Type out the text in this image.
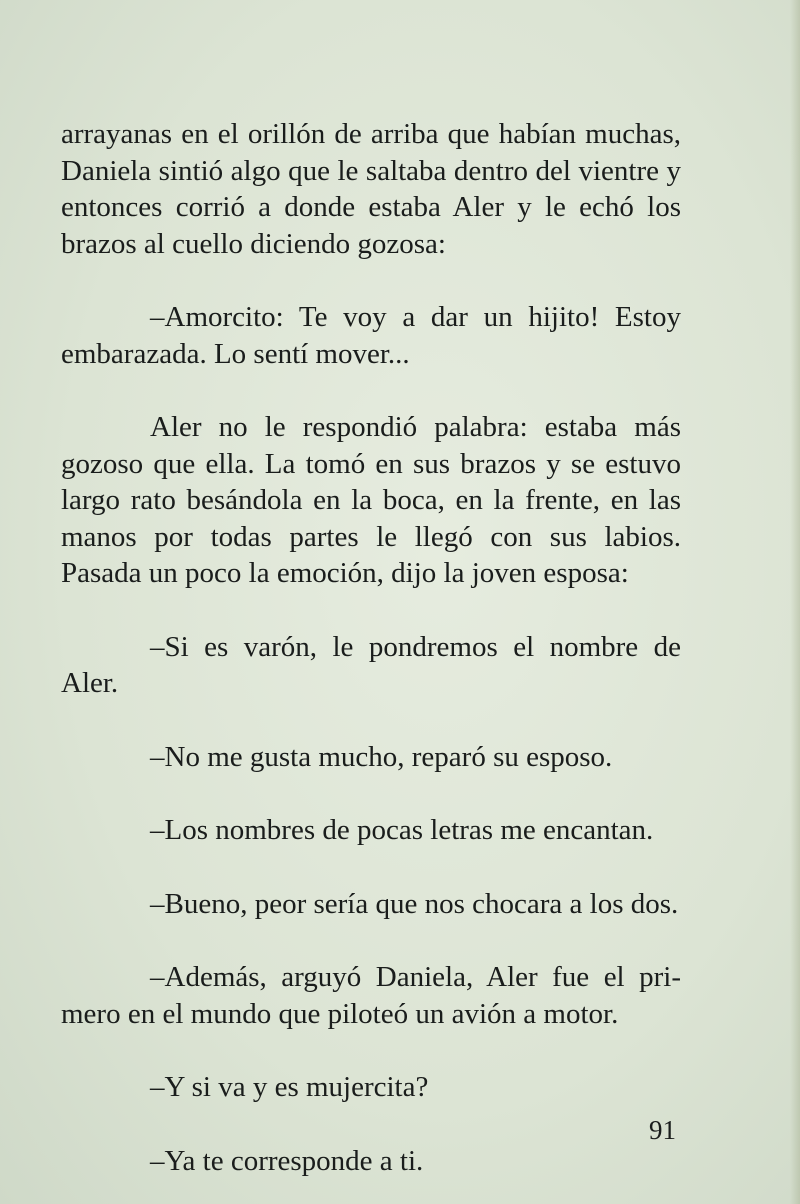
arrayanas en el orillón de arriba que habían muchas, Daniela sintió algo que le saltaba dentro del vientre y entonces corrió a donde estaba Aler y le echó los brazos al cuello diciendo gozosa:

–Amorcito: Te voy a dar un hijito! Estoy embarazada. Lo sentí mover...

Aler no le respondió palabra: estaba más gozoso que ella. La tomó en sus brazos y se estuvo largo rato besándola en la boca, en la frente, en las manos por todas partes le llegó con sus labios. Pasada un poco la emoción, dijo la joven esposa:

–Si es varón, le pondremos el nombre de Aler.

–No me gusta mucho, reparó su esposo.

–Los nombres de pocas letras me encantan.

–Bueno, peor sería que nos chocara a los dos.

–Además, arguyó Daniela, Aler fue el pri- mero en el mundo que piloteó un avión a motor.

–Y si va y es mujercita?

–Ya te corresponde a ti.

91
